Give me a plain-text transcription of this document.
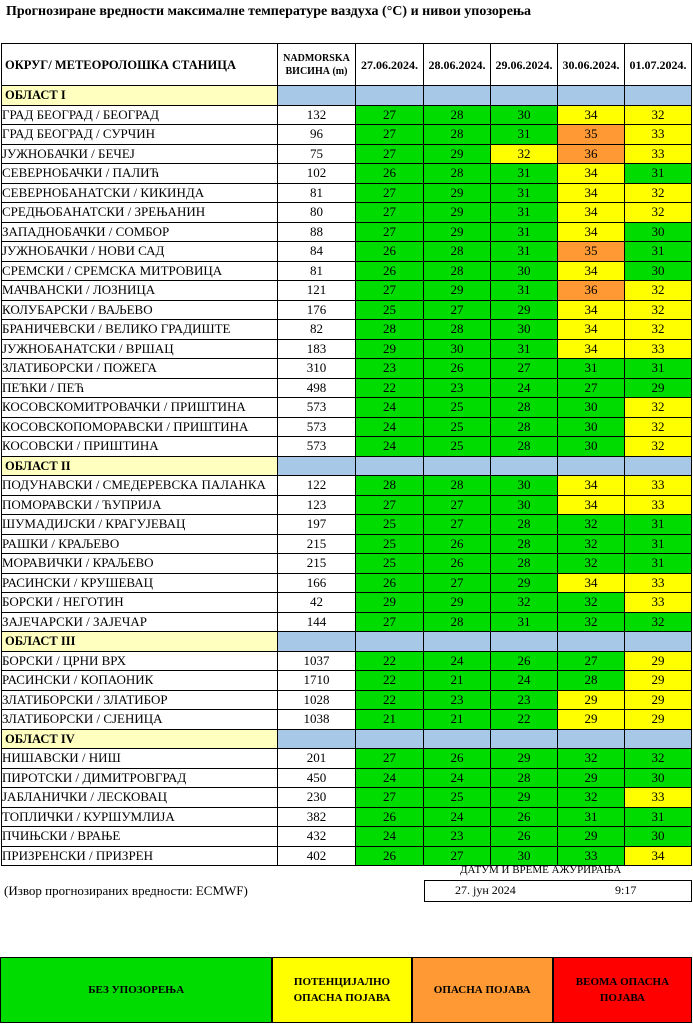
Прогнозиране вредности максималне температуре ваздуха (°C) и нивои упозорења
ОКРУГ/ МЕТЕОРОЛОШКА СТАНИЦА	NADMORSKA ВИСИНА (m)	27.06.2024.	28.06.2024.	29.06.2024.	30.06.2024.	01.07.2024.
ОБЛАСТ I						
ГРАД БЕОГРАД / БЕОГРАД	132	27	28	30	34	32
ГРАД БЕОГРАД / СУРЧИН	96	27	28	31	35	33
ЈУЖНОБАЧКИ / БЕЧЕЈ	75	27	29	32	36	33
СЕВЕРНОБАЧКИ / ПАЛИЋ	102	26	28	31	34	31
СЕВЕРНОБАНАТСКИ / КИКИНДА	81	27	29	31	34	32
СРЕДЊОБАНАТСКИ / ЗРЕЊАНИН	80	27	29	31	34	32
ЗАПАДНОБАЧКИ / СОМБОР	88	27	29	31	34	30
ЈУЖНОБАЧКИ / НОВИ САД	84	26	28	31	35	31
СРЕМСКИ / СРЕМСКА МИТРОВИЦА	81	26	28	30	34	30
МАЧВАНСКИ / ЛОЗНИЦА	121	27	29	31	36	32
КОЛУБАРСКИ / ВАЉЕВО	176	25	27	29	34	32
БРАНИЧЕВСКИ / ВЕЛИКО ГРАДИШТЕ	82	28	28	30	34	32
ЈУЖНОБАНАТСКИ / ВРШАЦ	183	29	30	31	34	33
ЗЛАТИБОРСКИ / ПОЖЕГА	310	23	26	27	31	31
ПЕЋКИ / ПЕЋ	498	22	23	24	27	29
КОСОВСКОМИТРОВАЧКИ / ПРИШТИНА	573	24	25	28	30	32
КОСОВСКОПОМОРАВСКИ / ПРИШТИНА	573	24	25	28	30	32
КОСОВСКИ / ПРИШТИНА	573	24	25	28	30	32
ОБЛАСТ II						
ПОДУНАВСКИ / СМЕДЕРЕВСКА ПАЛАНКА	122	28	28	30	34	33
ПОМОРАВСКИ / ЋУПРИЈА	123	27	27	30	34	33
ШУМАДИЈСКИ / КРАГУЈЕВАЦ	197	25	27	28	32	31
РАШКИ / КРАЉЕВО	215	25	26	28	32	31
МОРАВИЧКИ / КРАЉЕВО	215	25	26	28	32	31
РАСИНСКИ / КРУШЕВАЦ	166	26	27	29	34	33
БОРСКИ / НЕГОТИН	42	29	29	32	32	33
ЗАЈЕЧАРСКИ / ЗАЈЕЧАР	144	27	28	31	32	32
ОБЛАСТ III						
БОРСКИ / ЦРНИ ВРХ	1037	22	24	26	27	29
РАСИНСКИ / КОПАОНИК	1710	22	21	24	28	29
ЗЛАТИБОРСКИ / ЗЛАТИБОР	1028	22	23	23	29	29
ЗЛАТИБОРСКИ / СЈЕНИЦА	1038	21	21	22	29	29
ОБЛАСТ IV						
НИШАВСКИ / НИШ	201	27	26	29	32	32
ПИРОТСКИ / ДИМИТРОВГРАД	450	24	24	28	29	30
ЈАБЛАНИЧКИ / ЛЕСКОВАЦ	230	27	25	29	32	33
ТОПЛИЧКИ / КУРШУМЛИЈА	382	26	24	26	31	31
ПЧИЊСКИ / ВРАЊЕ	432	24	23	26	29	30
ПРИЗРЕНСКИ / ПРИЗРЕН	402	26	27	30	33	34
ДАТУМ И ВРЕМЕ АЖУРИРАЊА
27. јун 2024	9:17
(Извор прогнозираних вредности: ECMWF)
БЕЗ УПОЗОРЕЊА
ПОТЕНЦИЈАЛНО ОПАСНА ПОЈАВА
ОПАСНА ПОЈАВА
ВЕОМА ОПАСНА ПОЈАВА
